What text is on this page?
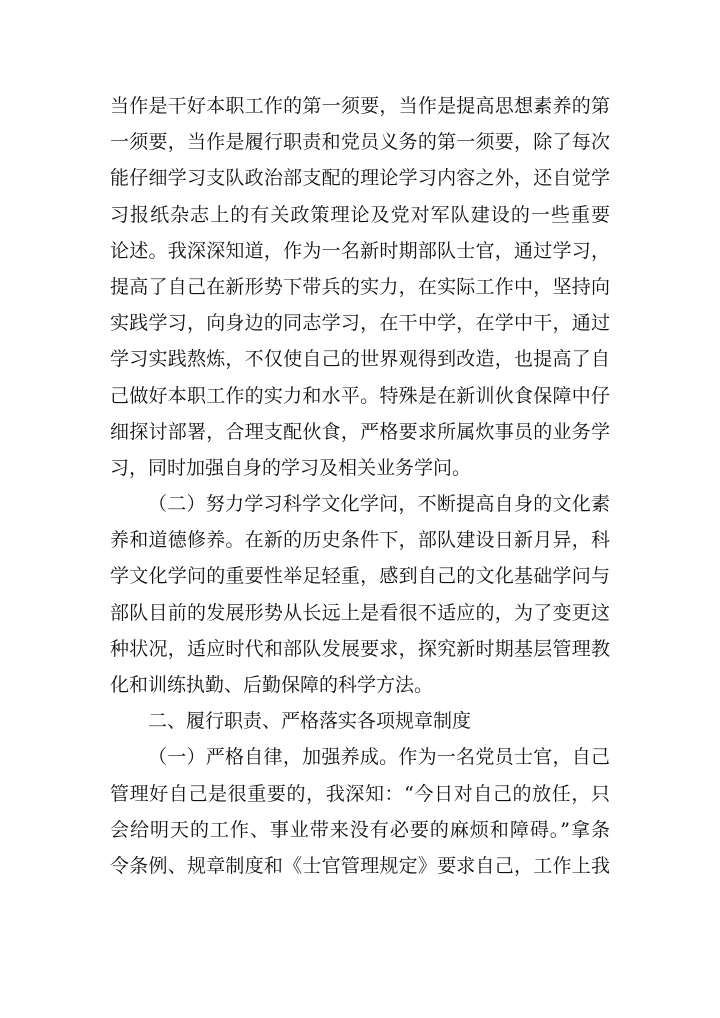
当作是干好本职工作的第一须要，当作是提高思想素养的第
一须要，当作是履行职责和党员义务的第一须要，除了每次
能仔细学习支队政治部支配的理论学习内容之外，还自觉学
习报纸杂志上的有关政策理论及党对军队建设的一些重要
论述。我深深知道，作为一名新时期部队士官，通过学习，
提高了自己在新形势下带兵的实力，在实际工作中，坚持向
实践学习，向身边的同志学习，在干中学，在学中干，通过
学习实践熬炼，不仅使自己的世界观得到改造，也提高了自
己做好本职工作的实力和水平。特殊是在新训伙食保障中仔
细探讨部署，合理支配伙食，严格要求所属炊事员的业务学
习，同时加强自身的学习及相关业务学问。
（二）努力学习科学文化学问，不断提高自身的文化素
养和道德修养。在新的历史条件下，部队建设日新月异，科
学文化学问的重要性举足轻重，感到自己的文化基础学问与
部队目前的发展形势从长远上是看很不适应的，为了变更这
种状况，适应时代和部队发展要求，探究新时期基层管理教
化和训练执勤、后勤保障的科学方法。
二、履行职责、严格落实各项规章制度
（一）严格自律，加强养成。作为一名党员士官，自己
管理好自己是很重要的，我深知：“今日对自己的放任，只
会给明天的工作、事业带来没有必要的麻烦和障碍。”拿条
令条例、规章制度和《士官管理规定》要求自己，工作上我
